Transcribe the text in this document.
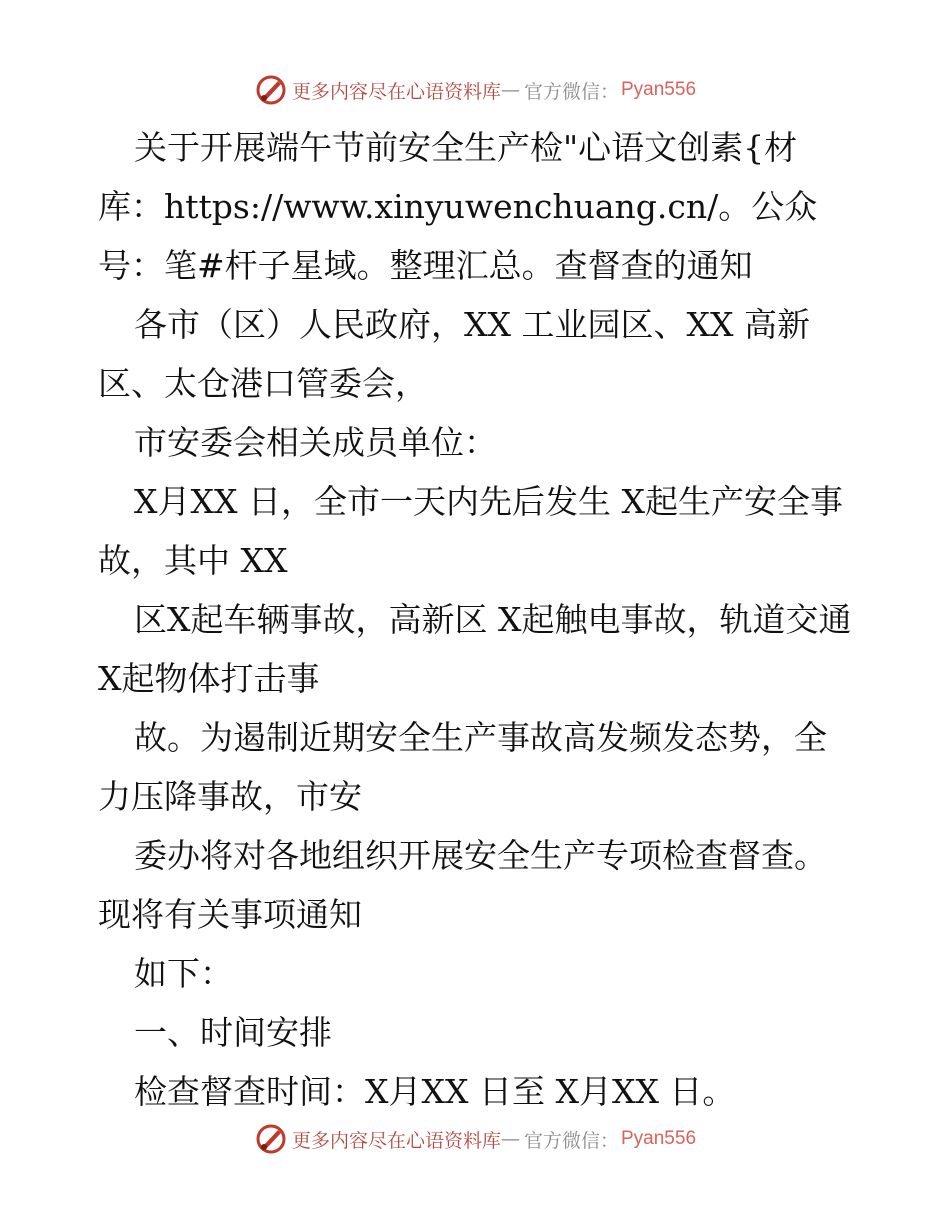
更多内容尽在心语资料库 — 官方微信： Pyan556

关于开展端午节前安全生产检"心语文创素{材库：https://www.xinyuwenchuang.cn/。公众号：笔#杆子星域。整理汇总。查督查的通知

各市（区）人民政府，XX 工业园区、XX 高新区、太仓港口管委会，

市安委会相关成员单位：

X月XX 日，全市一天内先后发生 X起生产安全事故，其中 XX

区X起车辆事故，高新区 X起触电事故，轨道交通 X起物体打击事

故。为遏制近期安全生产事故高发频发态势，全力压降事故，市安

委办将对各地组织开展安全生产专项检查督查。现将有关事项通知

如下：

一、时间安排

检查督查时间：X月XX 日至 X月XX 日。

更多内容尽在心语资料库 — 官方微信： Pyan556
